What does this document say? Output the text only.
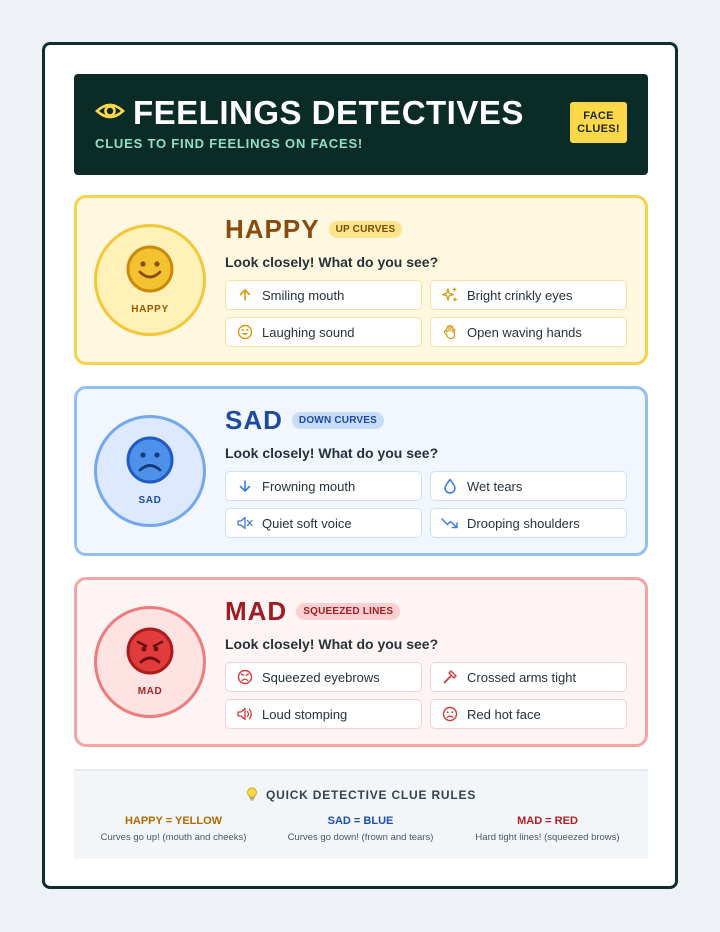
FEELINGS DETECTIVES
CLUES TO FIND FEELINGS ON FACES!
FACE
CLUES!
HAPPY
HAPPY	UP CURVES
Look closely! What do you see?
Smiling mouth	Bright crinkly eyes
Laughing sound	Open waving hands
SAD
SAD	DOWN CURVES
Look closely! What do you see?
Frowning mouth	Wet tears
Quiet soft voice	Drooping shoulders
MAD
MAD	SQUEEZED LINES
Look closely! What do you see?
Squeezed eyebrows	Crossed arms tight
Loud stomping	Red hot face
QUICK DETECTIVE CLUE RULES
HAPPY = YELLOW
Curves go up! (mouth and cheeks)
SAD = BLUE
Curves go down! (frown and tears)
MAD = RED
Hard tight lines! (squeezed brows)
